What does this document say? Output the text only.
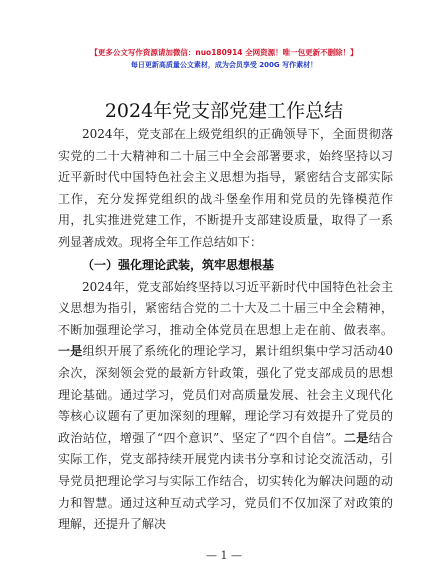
【更多公文写作资源请加微信：nuo180914 全网资源！唯一包更新不删除！】
每日更新高质量公文素材，成为会员享受 200G 写作素材！
2024年党支部党建工作总结

2024年，党支部在上级党组织的正确领导下，全面贯彻落实党的二十大精神和二十届三中全会部署要求，始终坚持以习近平新时代中国特色社会主义思想为指导，紧密结合支部实际工作，充分发挥党组织的战斗堡垒作用和党员的先锋模范作用，扎实推进党建工作，不断提升支部建设质量，取得了一系列显著成效。现将全年工作总结如下：

（一）强化理论武装，筑牢思想根基

2024年，党支部始终坚持以习近平新时代中国特色社会主义思想为指引，紧密结合党的二十大及二十届三中全会精神，不断加强理论学习，推动全体党员在思想上走在前、做表率。一是组织开展了系统化的理论学习，累计组织集中学习活动40余次，深刻领会党的最新方针政策，强化了党支部成员的思想理论基础。通过学习，党员们对高质量发展、社会主义现代化等核心议题有了更加深刻的理解，理论学习有效提升了党员的政治站位，增强了“四个意识”、坚定了“四个自信”。二是结合实际工作，党支部持续开展党内读书分享和讨论交流活动，引导党员把理论学习与实际工作结合，切实转化为解决问题的动力和智慧。通过这种互动式学习，党员们不仅加深了对政策的理解，还提升了解决

— 1 —
